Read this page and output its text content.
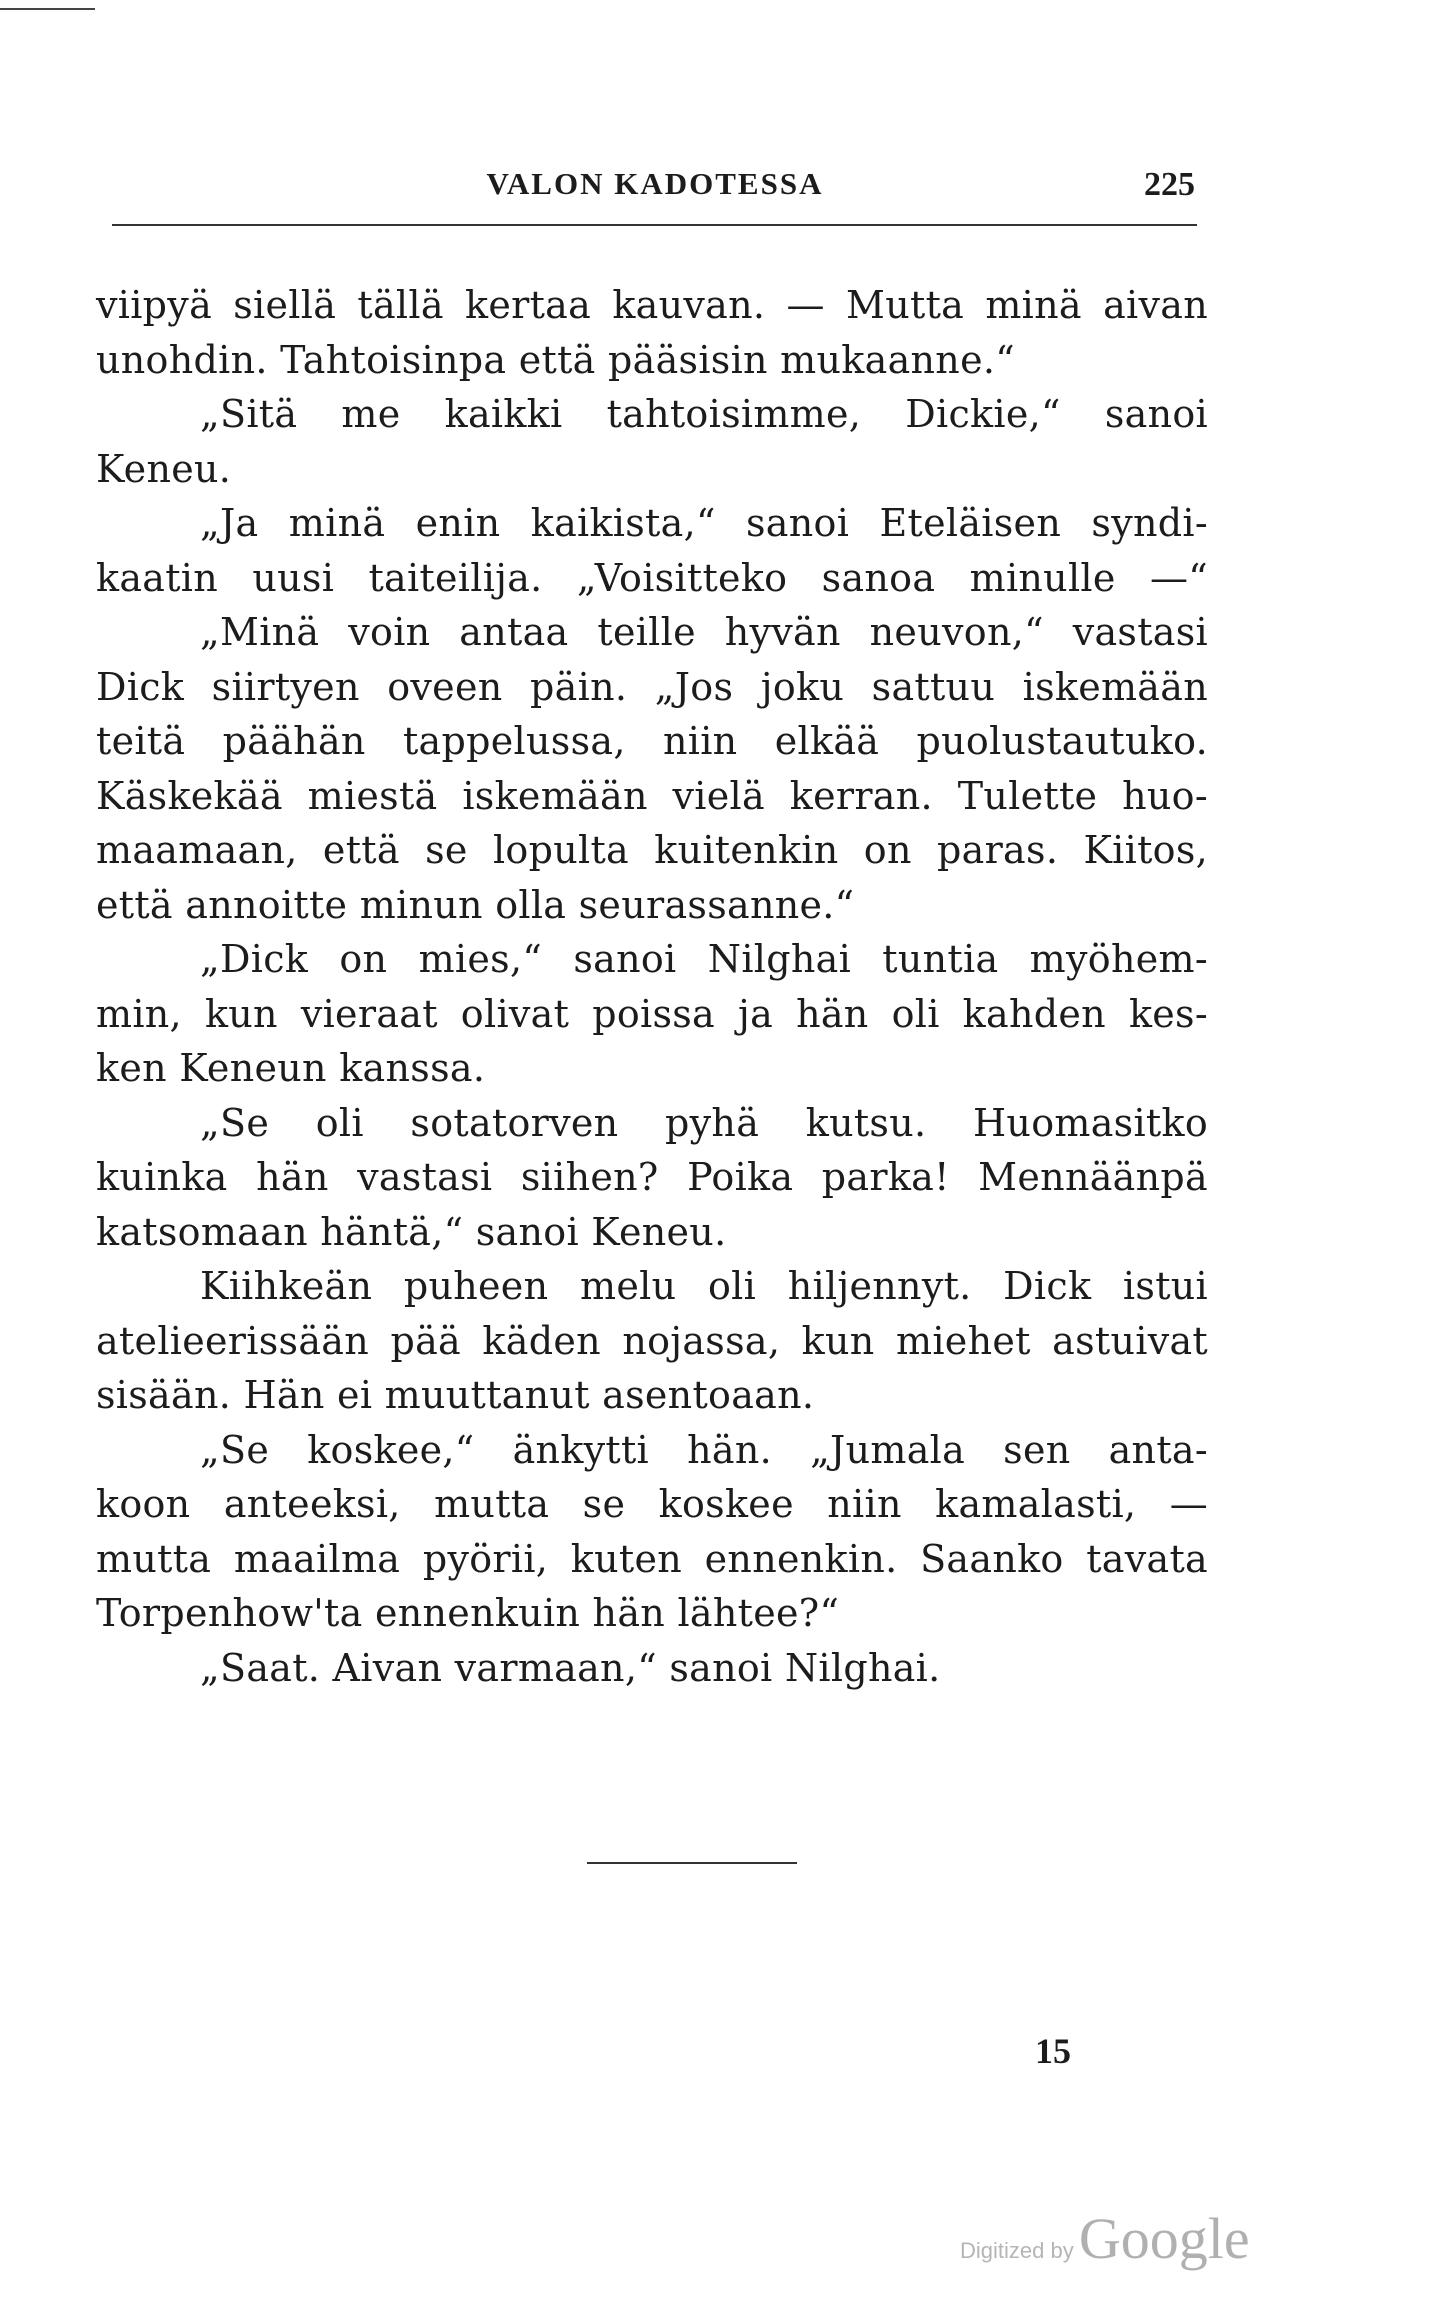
VALON KADOTESSA	225
viipyä siellä tällä kertaa kauvan. — Mutta minä aivan
unohdin. Tahtoisinpa että pääsisin mukaanne.“
„Sitä me kaikki tahtoisimme, Dickie,“ sanoi
Keneu.
„Ja minä enin kaikista,“ sanoi Eteläisen syndi-
kaatin uusi taiteilija. „Voisitteko sanoa minulle —“
„Minä voin antaa teille hyvän neuvon,“ vastasi
Dick siirtyen oveen päin. „Jos joku sattuu iskemään
teitä päähän tappelussa, niin elkää puolustautuko.
Käskekää miestä iskemään vielä kerran. Tulette huo-
maamaan, että se lopulta kuitenkin on paras. Kiitos,
että annoitte minun olla seurassanne.“
„Dick on mies,“ sanoi Nilghai tuntia myöhem-
min, kun vieraat olivat poissa ja hän oli kahden kes-
ken Keneun kanssa.
„Se oli sotatorven pyhä kutsu. Huomasitko
kuinka hän vastasi siihen? Poika parka! Mennäänpä
katsomaan häntä,“ sanoi Keneu.
Kiihkeän puheen melu oli hiljennyt. Dick istui
atelieerissään pää käden nojassa, kun miehet astuivat
sisään. Hän ei muuttanut asentoaan.
„Se koskee,“ änkytti hän. „Jumala sen anta-
koon anteeksi, mutta se koskee niin kamalasti, —
mutta maailma pyörii, kuten ennenkin. Saanko tavata
Torpenhow'ta ennenkuin hän lähtee?“
„Saat. Aivan varmaan,“ sanoi Nilghai.
15
Digitized by Google
